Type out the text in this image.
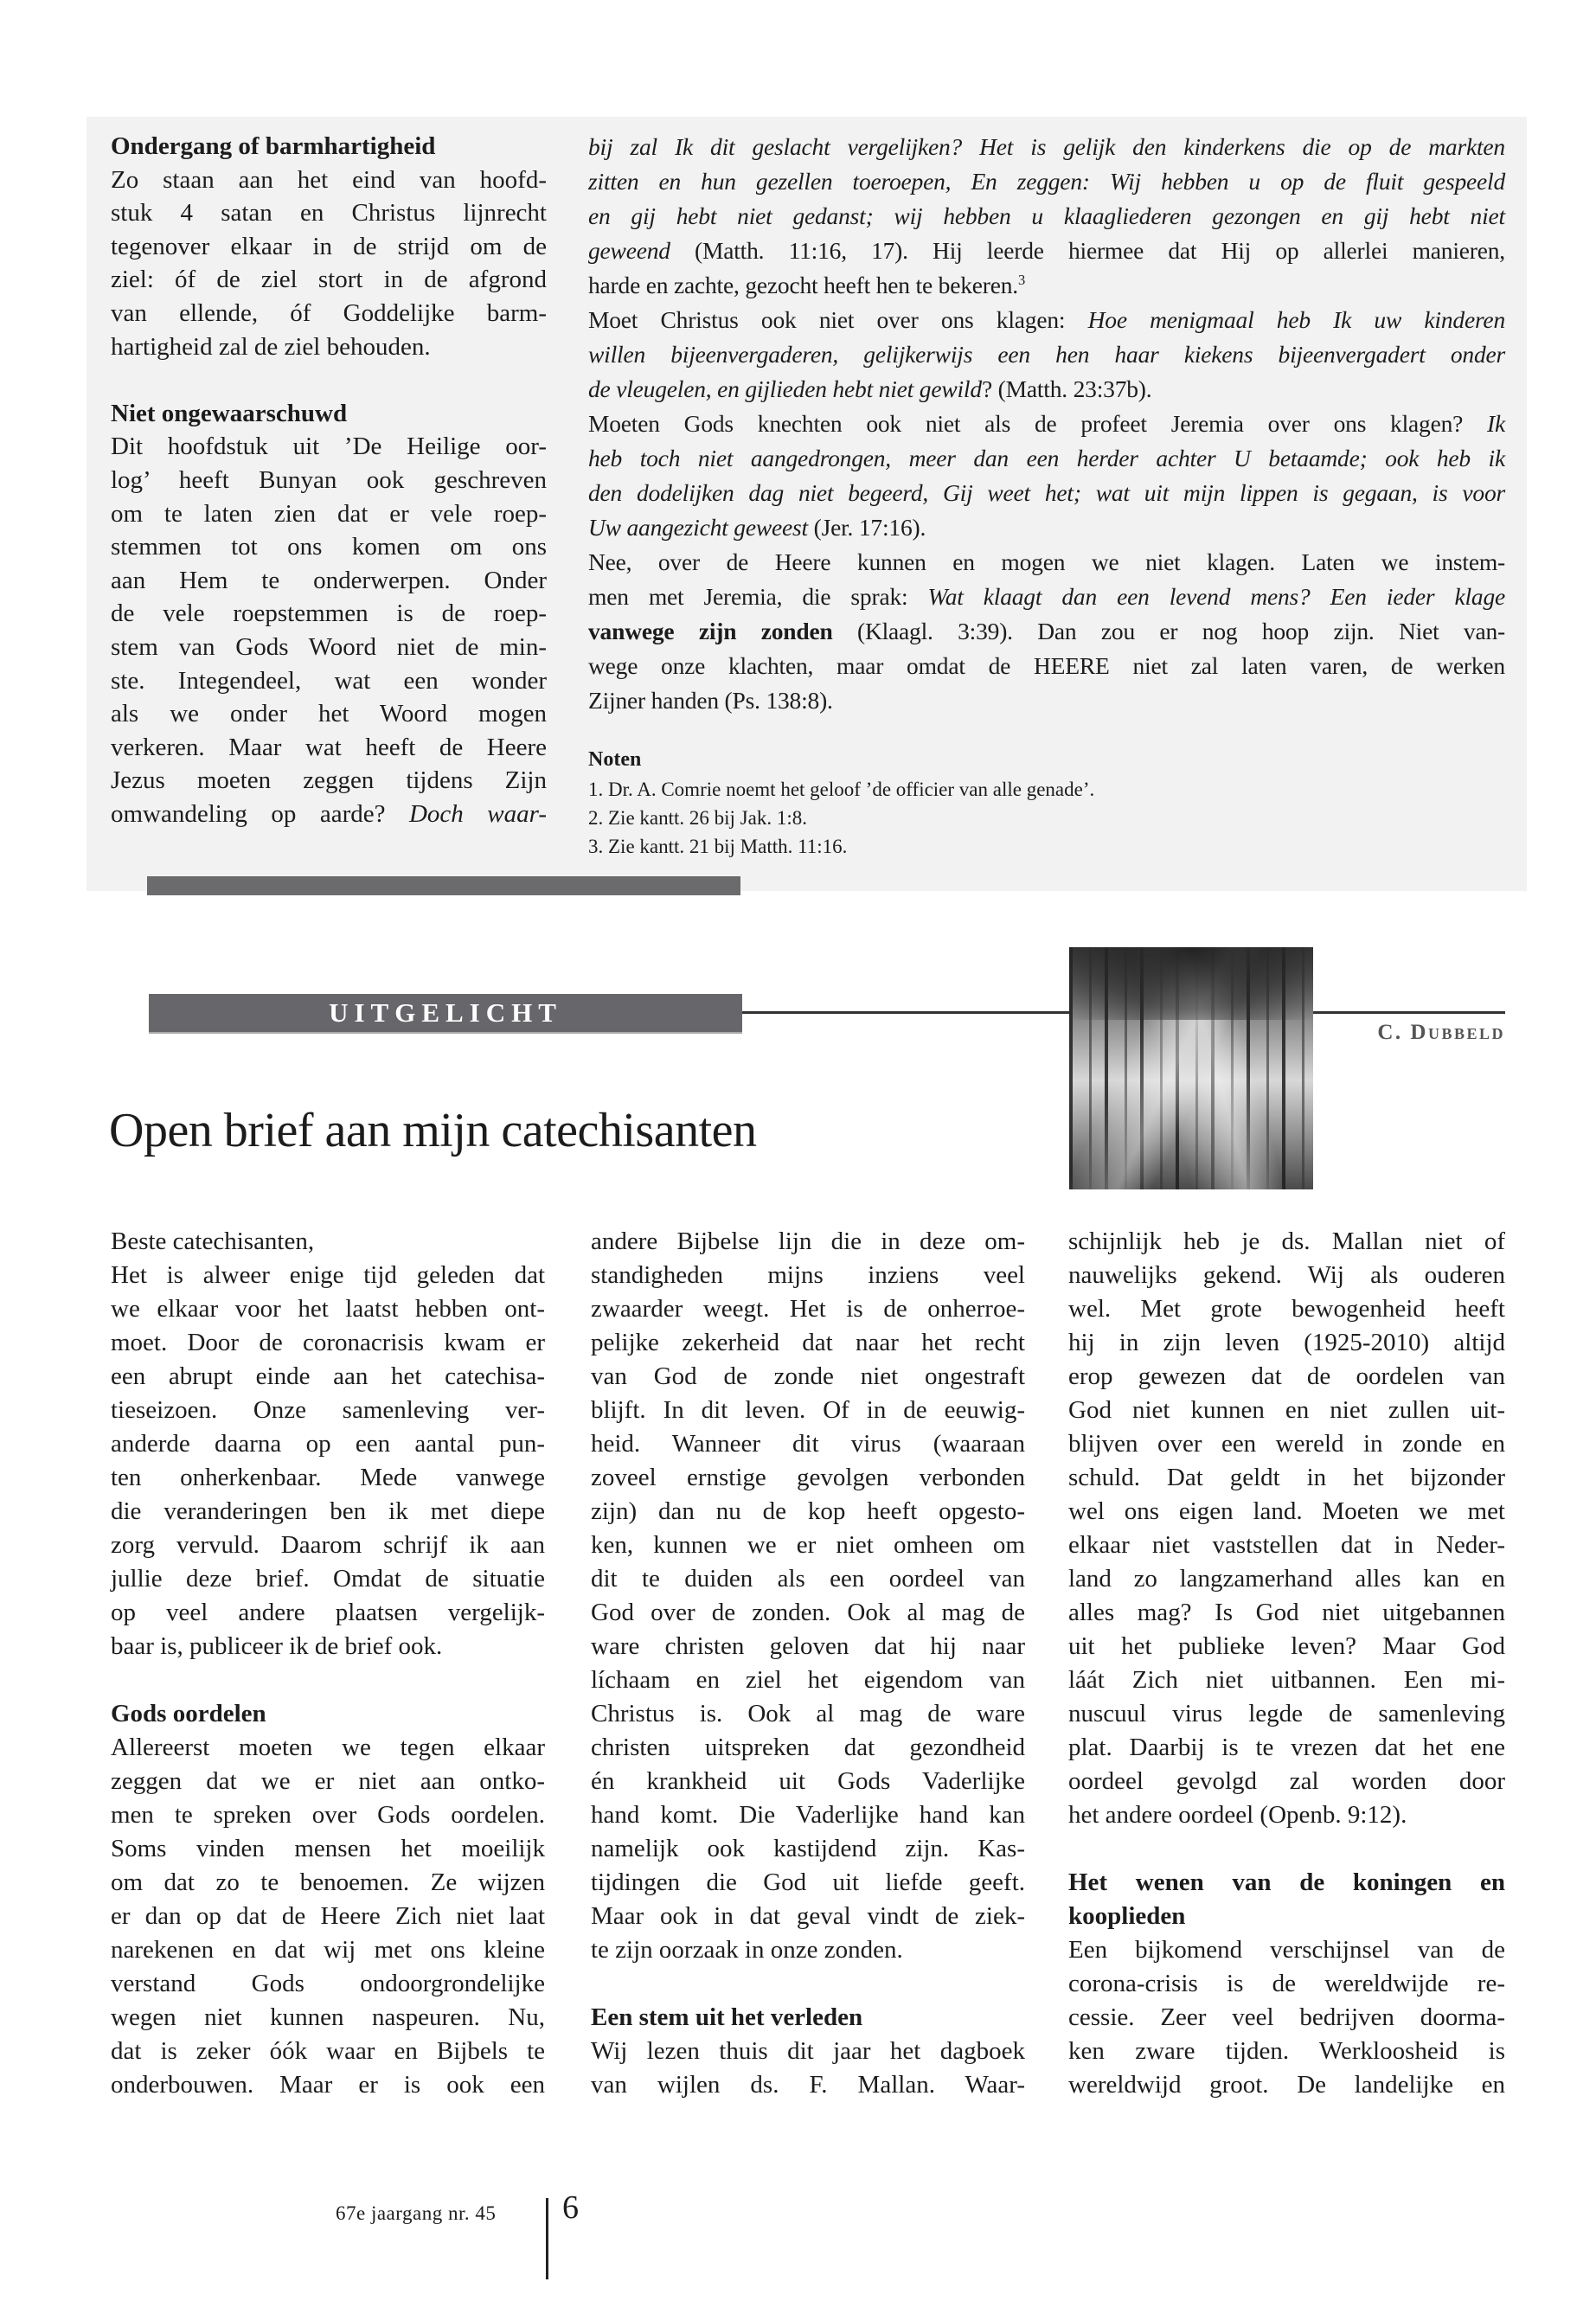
Ondergang of barmhartigheid
Zo staan aan het eind van hoofd-
stuk 4 satan en Christus lijnrecht
tegenover elkaar in de strijd om de
ziel: óf de ziel stort in de afgrond
van ellende, óf Goddelijke barm-
hartigheid zal de ziel behouden.
Niet ongewaarschuwd
Dit hoofdstuk uit ’De Heilige oor-
log’ heeft Bunyan ook geschreven
om te laten zien dat er vele roep-
stemmen tot ons komen om ons
aan Hem te onderwerpen. Onder
de vele roepstemmen is de roep-
stem van Gods Woord niet de min-
ste. Integendeel, wat een wonder
als we onder het Woord mogen
verkeren. Maar wat heeft de Heere
Jezus moeten zeggen tijdens Zijn
omwandeling op aarde? Doch waar-
bij zal Ik dit geslacht vergelijken? Het is gelijk den kinderkens die op de markten
zitten en hun gezellen toeroepen, En zeggen: Wij hebben u op de fluit gespeeld
en gij hebt niet gedanst; wij hebben u klaagliederen gezongen en gij hebt niet
geweend (Matth. 11:16, 17). Hij leerde hiermee dat Hij op allerlei manieren,
harde en zachte, gezocht heeft hen te bekeren.$^3$
Moet Christus ook niet over ons klagen: Hoe menigmaal heb Ik uw kinderen
willen bijeenvergaderen, gelijkerwijs een hen haar kiekens bijeenvergadert onder
de vleugelen, en gijlieden hebt niet gewild? (Matth. 23:37b).
Moeten Gods knechten ook niet als de profeet Jeremia over ons klagen? Ik
heb toch niet aangedrongen, meer dan een herder achter U betaamde; ook heb ik
den dodelijken dag niet begeerd, Gij weet het; wat uit mijn lippen is gegaan, is voor
Uw aangezicht geweest (Jer. 17:16).
Nee, over de Heere kunnen en mogen we niet klagen. Laten we instem-
men met Jeremia, die sprak: Wat klaagt dan een levend mens? Een ieder klage
vanwege zijn zonden (Klaagl. 3:39). Dan zou er nog hoop zijn. Niet van-
wege onze klachten, maar omdat de HEERE niet zal laten varen, de werken
Zijner handen (Ps. 138:8).
Noten
1. Dr. A. Comrie noemt het geloof ’de officier van alle genade’.
2. Zie kantt. 26 bij Jak. 1:8.
3. Zie kantt. 21 bij Matth. 11:16.
UITGELICHT
C. Dubbeld
Open brief aan mijn catechisanten
Beste catechisanten,
Het is alweer enige tijd geleden dat
we elkaar voor het laatst hebben ont-
moet. Door de coronacrisis kwam er
een abrupt einde aan het catechisa-
tieseizoen. Onze samenleving ver-
anderde daarna op een aantal pun-
ten onherkenbaar. Mede vanwege
die veranderingen ben ik met diepe
zorg vervuld. Daarom schrijf ik aan
jullie deze brief. Omdat de situatie
op veel andere plaatsen vergelijk-
baar is, publiceer ik de brief ook.
Gods oordelen
Allereerst moeten we tegen elkaar
zeggen dat we er niet aan ontko-
men te spreken over Gods oordelen.
Soms vinden mensen het moeilijk
om dat zo te benoemen. Ze wijzen
er dan op dat de Heere Zich niet laat
narekenen en dat wij met ons kleine
verstand Gods ondoorgrondelijke
wegen niet kunnen naspeuren. Nu,
dat is zeker óók waar en Bijbels te
onderbouwen. Maar er is ook een
andere Bijbelse lijn die in deze om-
standigheden mijns inziens veel
zwaarder weegt. Het is de onherroe-
pelijke zekerheid dat naar het recht
van God de zonde niet ongestraft
blijft. In dit leven. Of in de eeuwig-
heid. Wanneer dit virus (waaraan
zoveel ernstige gevolgen verbonden
zijn) dan nu de kop heeft opgesto-
ken, kunnen we er niet omheen om
dit te duiden als een oordeel van
God over de zonden. Ook al mag de
ware christen geloven dat hij naar
líchaam en ziel het eigendom van
Christus is. Ook al mag de ware
christen uitspreken dat gezondheid
én krankheid uit Gods Vaderlijke
hand komt. Die Vaderlijke hand kan
namelijk ook kastijdend zijn. Kas-
tijdingen die God uit liefde geeft.
Maar ook in dat geval vindt de ziek-
te zijn oorzaak in onze zonden.
Een stem uit het verleden
Wij lezen thuis dit jaar het dagboek
van wijlen ds. F. Mallan. Waar-
schijnlijk heb je ds. Mallan niet of
nauwelijks gekend. Wij als ouderen
wel. Met grote bewogenheid heeft
hij in zijn leven (1925-2010) altijd
erop gewezen dat de oordelen van
God niet kunnen en niet zullen uit-
blijven over een wereld in zonde en
schuld. Dat geldt in het bijzonder
wel ons eigen land. Moeten we met
elkaar niet vaststellen dat in Neder-
land zo langzamerhand alles kan en
alles mag? Is God niet uitgebannen
uit het publieke leven? Maar God
láát Zich niet uitbannen. Een mi-
nuscuul virus legde de samenleving
plat. Daarbij is te vrezen dat het ene
oordeel gevolgd zal worden door
het andere oordeel (Openb. 9:12).
Het wenen van de koningen en
kooplieden
Een bijkomend verschijnsel van de
corona-crisis is de wereldwijde re-
cessie. Zeer veel bedrijven doorma-
ken zware tijden. Werkloosheid is
wereldwijd groot. De landelijke en
67e jaargang nr. 45 6
